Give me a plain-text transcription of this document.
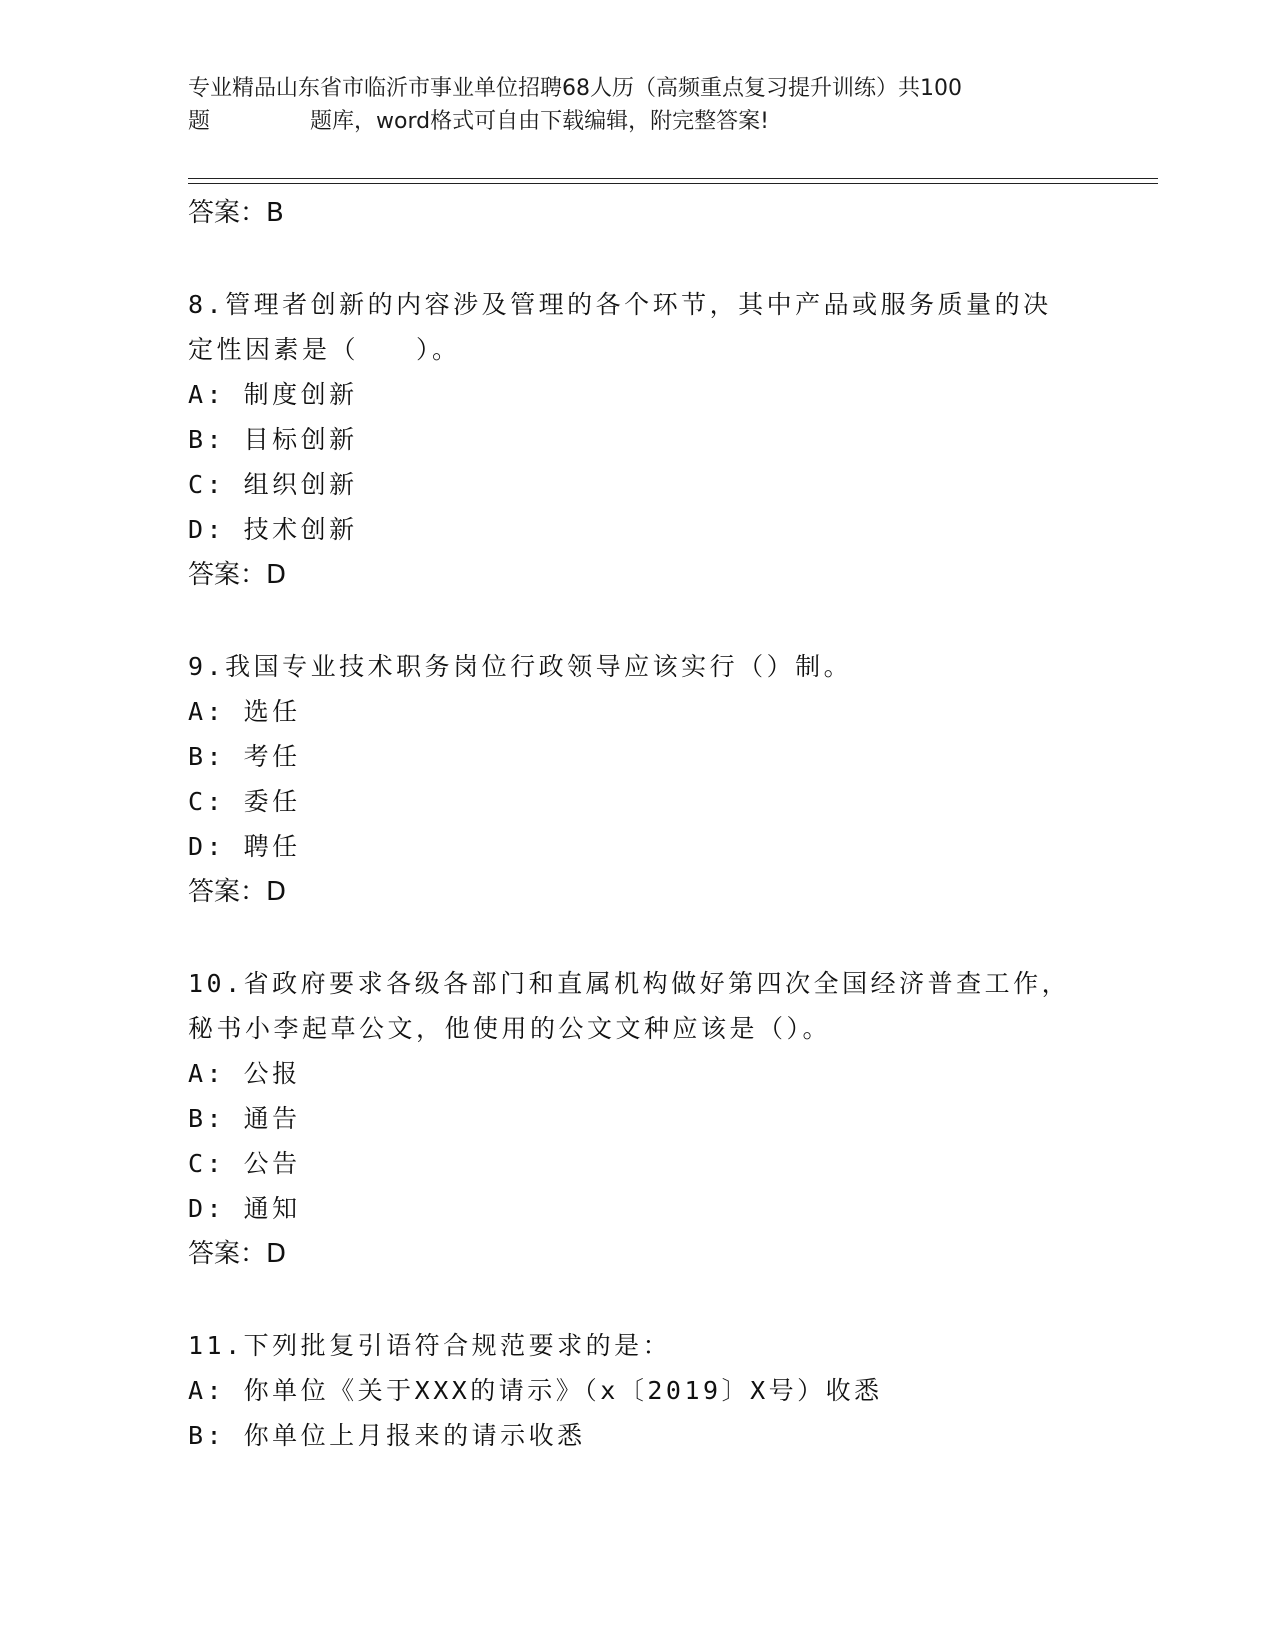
专业精品山东省市临沂市事业单位招聘68人历（高频重点复习提升训练）共100
题	题库，word格式可自由下载编辑，附完整答案!
答案：B
8.管理者创新的内容涉及管理的各个环节，其中产品或服务质量的决
定性因素是（　　）。
A: 制度创新
B: 目标创新
C: 组织创新
D: 技术创新
答案：D
9.我国专业技术职务岗位行政领导应该实行（）制。
A: 选任
B: 考任
C: 委任
D: 聘任
答案：D
10.省政府要求各级各部门和直属机构做好第四次全国经济普查工作，
秘书小李起草公文，他使用的公文文种应该是（）。
A: 公报
B: 通告
C: 公告
D: 通知
答案：D
11.下列批复引语符合规范要求的是：
A: 你单位《关于XXX的请示》（x〔2019〕X号）收悉
B: 你单位上月报来的请示收悉
